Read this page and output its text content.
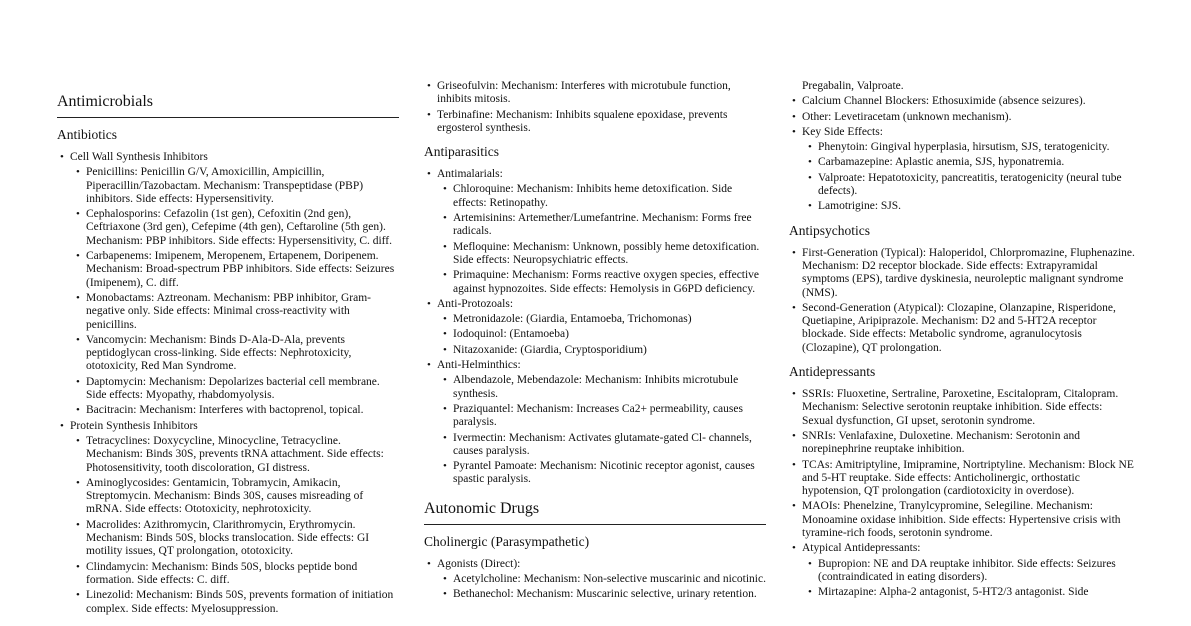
Antimicrobials
Antibiotics
• Cell Wall Synthesis Inhibitors
• Penicillins: Penicillin G/V, Amoxicillin, Ampicillin, Piperacillin/Tazobactam. Mechanism: Transpeptidase (PBP) inhibitors. Side effects: Hypersensitivity.
• Cephalosporins: Cefazolin (1st gen), Cefoxitin (2nd gen), Ceftriaxone (3rd gen), Cefepime (4th gen), Ceftaroline (5th gen). Mechanism: PBP inhibitors. Side effects: Hypersensitivity, C. diff.
• Carbapenems: Imipenem, Meropenem, Ertapenem, Doripenem. Mechanism: Broad-spectrum PBP inhibitors. Side effects: Seizures (Imipenem), C. diff.
• Monobactams: Aztreonam. Mechanism: PBP inhibitor, Gram-negative only. Side effects: Minimal cross-reactivity with penicillins.
• Vancomycin: Mechanism: Binds D-Ala-D-Ala, prevents peptidoglycan cross-linking. Side effects: Nephrotoxicity, ototoxicity, Red Man Syndrome.
• Daptomycin: Mechanism: Depolarizes bacterial cell membrane. Side effects: Myopathy, rhabdomyolysis.
• Bacitracin: Mechanism: Interferes with bactoprenol, topical.
• Protein Synthesis Inhibitors
• Tetracyclines: Doxycycline, Minocycline, Tetracycline. Mechanism: Binds 30S, prevents tRNA attachment. Side effects: Photosensitivity, tooth discoloration, GI distress.
• Aminoglycosides: Gentamicin, Tobramycin, Amikacin, Streptomycin. Mechanism: Binds 30S, causes misreading of mRNA. Side effects: Ototoxicity, nephrotoxicity.
• Macrolides: Azithromycin, Clarithromycin, Erythromycin. Mechanism: Binds 50S, blocks translocation. Side effects: GI motility issues, QT prolongation, ototoxicity.
• Clindamycin: Mechanism: Binds 50S, blocks peptide bond formation. Side effects: C. diff.
• Linezolid: Mechanism: Binds 50S, prevents formation of initiation complex. Side effects: Myelosuppression.
• Griseofulvin: Mechanism: Interferes with microtubule function, inhibits mitosis.
• Terbinafine: Mechanism: Inhibits squalene epoxidase, prevents ergosterol synthesis.
Antiparasitics
• Antimalarials:
• Chloroquine: Mechanism: Inhibits heme detoxification. Side effects: Retinopathy.
• Artemisinins: Artemether/Lumefantrine. Mechanism: Forms free radicals.
• Mefloquine: Mechanism: Unknown, possibly heme detoxification. Side effects: Neuropsychiatric effects.
• Primaquine: Mechanism: Forms reactive oxygen species, effective against hypnozoites. Side effects: Hemolysis in G6PD deficiency.
• Anti-Protozoals:
• Metronidazole: (Giardia, Entamoeba, Trichomonas)
• Iodoquinol: (Entamoeba)
• Nitazoxanide: (Giardia, Cryptosporidium)
• Anti-Helminthics:
• Albendazole, Mebendazole: Mechanism: Inhibits microtubule synthesis.
• Praziquantel: Mechanism: Increases Ca2+ permeability, causes paralysis.
• Ivermectin: Mechanism: Activates glutamate-gated Cl- channels, causes paralysis.
• Pyrantel Pamoate: Mechanism: Nicotinic receptor agonist, causes spastic paralysis.
Autonomic Drugs
Cholinergic (Parasympathetic)
• Agonists (Direct):
• Acetylcholine: Mechanism: Non-selective muscarinic and nicotinic.
• Bethanechol: Mechanism: Muscarinic selective, urinary retention.
Pregabalin, Valproate.
• Calcium Channel Blockers: Ethosuximide (absence seizures).
• Other: Levetiracetam (unknown mechanism).
• Key Side Effects:
• Phenytoin: Gingival hyperplasia, hirsutism, SJS, teratogenicity.
• Carbamazepine: Aplastic anemia, SJS, hyponatremia.
• Valproate: Hepatotoxicity, pancreatitis, teratogenicity (neural tube defects).
• Lamotrigine: SJS.
Antipsychotics
• First-Generation (Typical): Haloperidol, Chlorpromazine, Fluphenazine. Mechanism: D2 receptor blockade. Side effects: Extrapyramidal symptoms (EPS), tardive dyskinesia, neuroleptic malignant syndrome (NMS).
• Second-Generation (Atypical): Clozapine, Olanzapine, Risperidone, Quetiapine, Aripiprazole. Mechanism: D2 and 5-HT2A receptor blockade. Side effects: Metabolic syndrome, agranulocytosis (Clozapine), QT prolongation.
Antidepressants
• SSRIs: Fluoxetine, Sertraline, Paroxetine, Escitalopram, Citalopram. Mechanism: Selective serotonin reuptake inhibition. Side effects: Sexual dysfunction, GI upset, serotonin syndrome.
• SNRIs: Venlafaxine, Duloxetine. Mechanism: Serotonin and norepinephrine reuptake inhibition.
• TCAs: Amitriptyline, Imipramine, Nortriptyline. Mechanism: Block NE and 5-HT reuptake. Side effects: Anticholinergic, orthostatic hypotension, QT prolongation (cardiotoxicity in overdose).
• MAOIs: Phenelzine, Tranylcypromine, Selegiline. Mechanism: Monoamine oxidase inhibition. Side effects: Hypertensive crisis with tyramine-rich foods, serotonin syndrome.
• Atypical Antidepressants:
• Bupropion: NE and DA reuptake inhibitor. Side effects: Seizures (contraindicated in eating disorders).
• Mirtazapine: Alpha-2 antagonist, 5-HT2/3 antagonist. Side
